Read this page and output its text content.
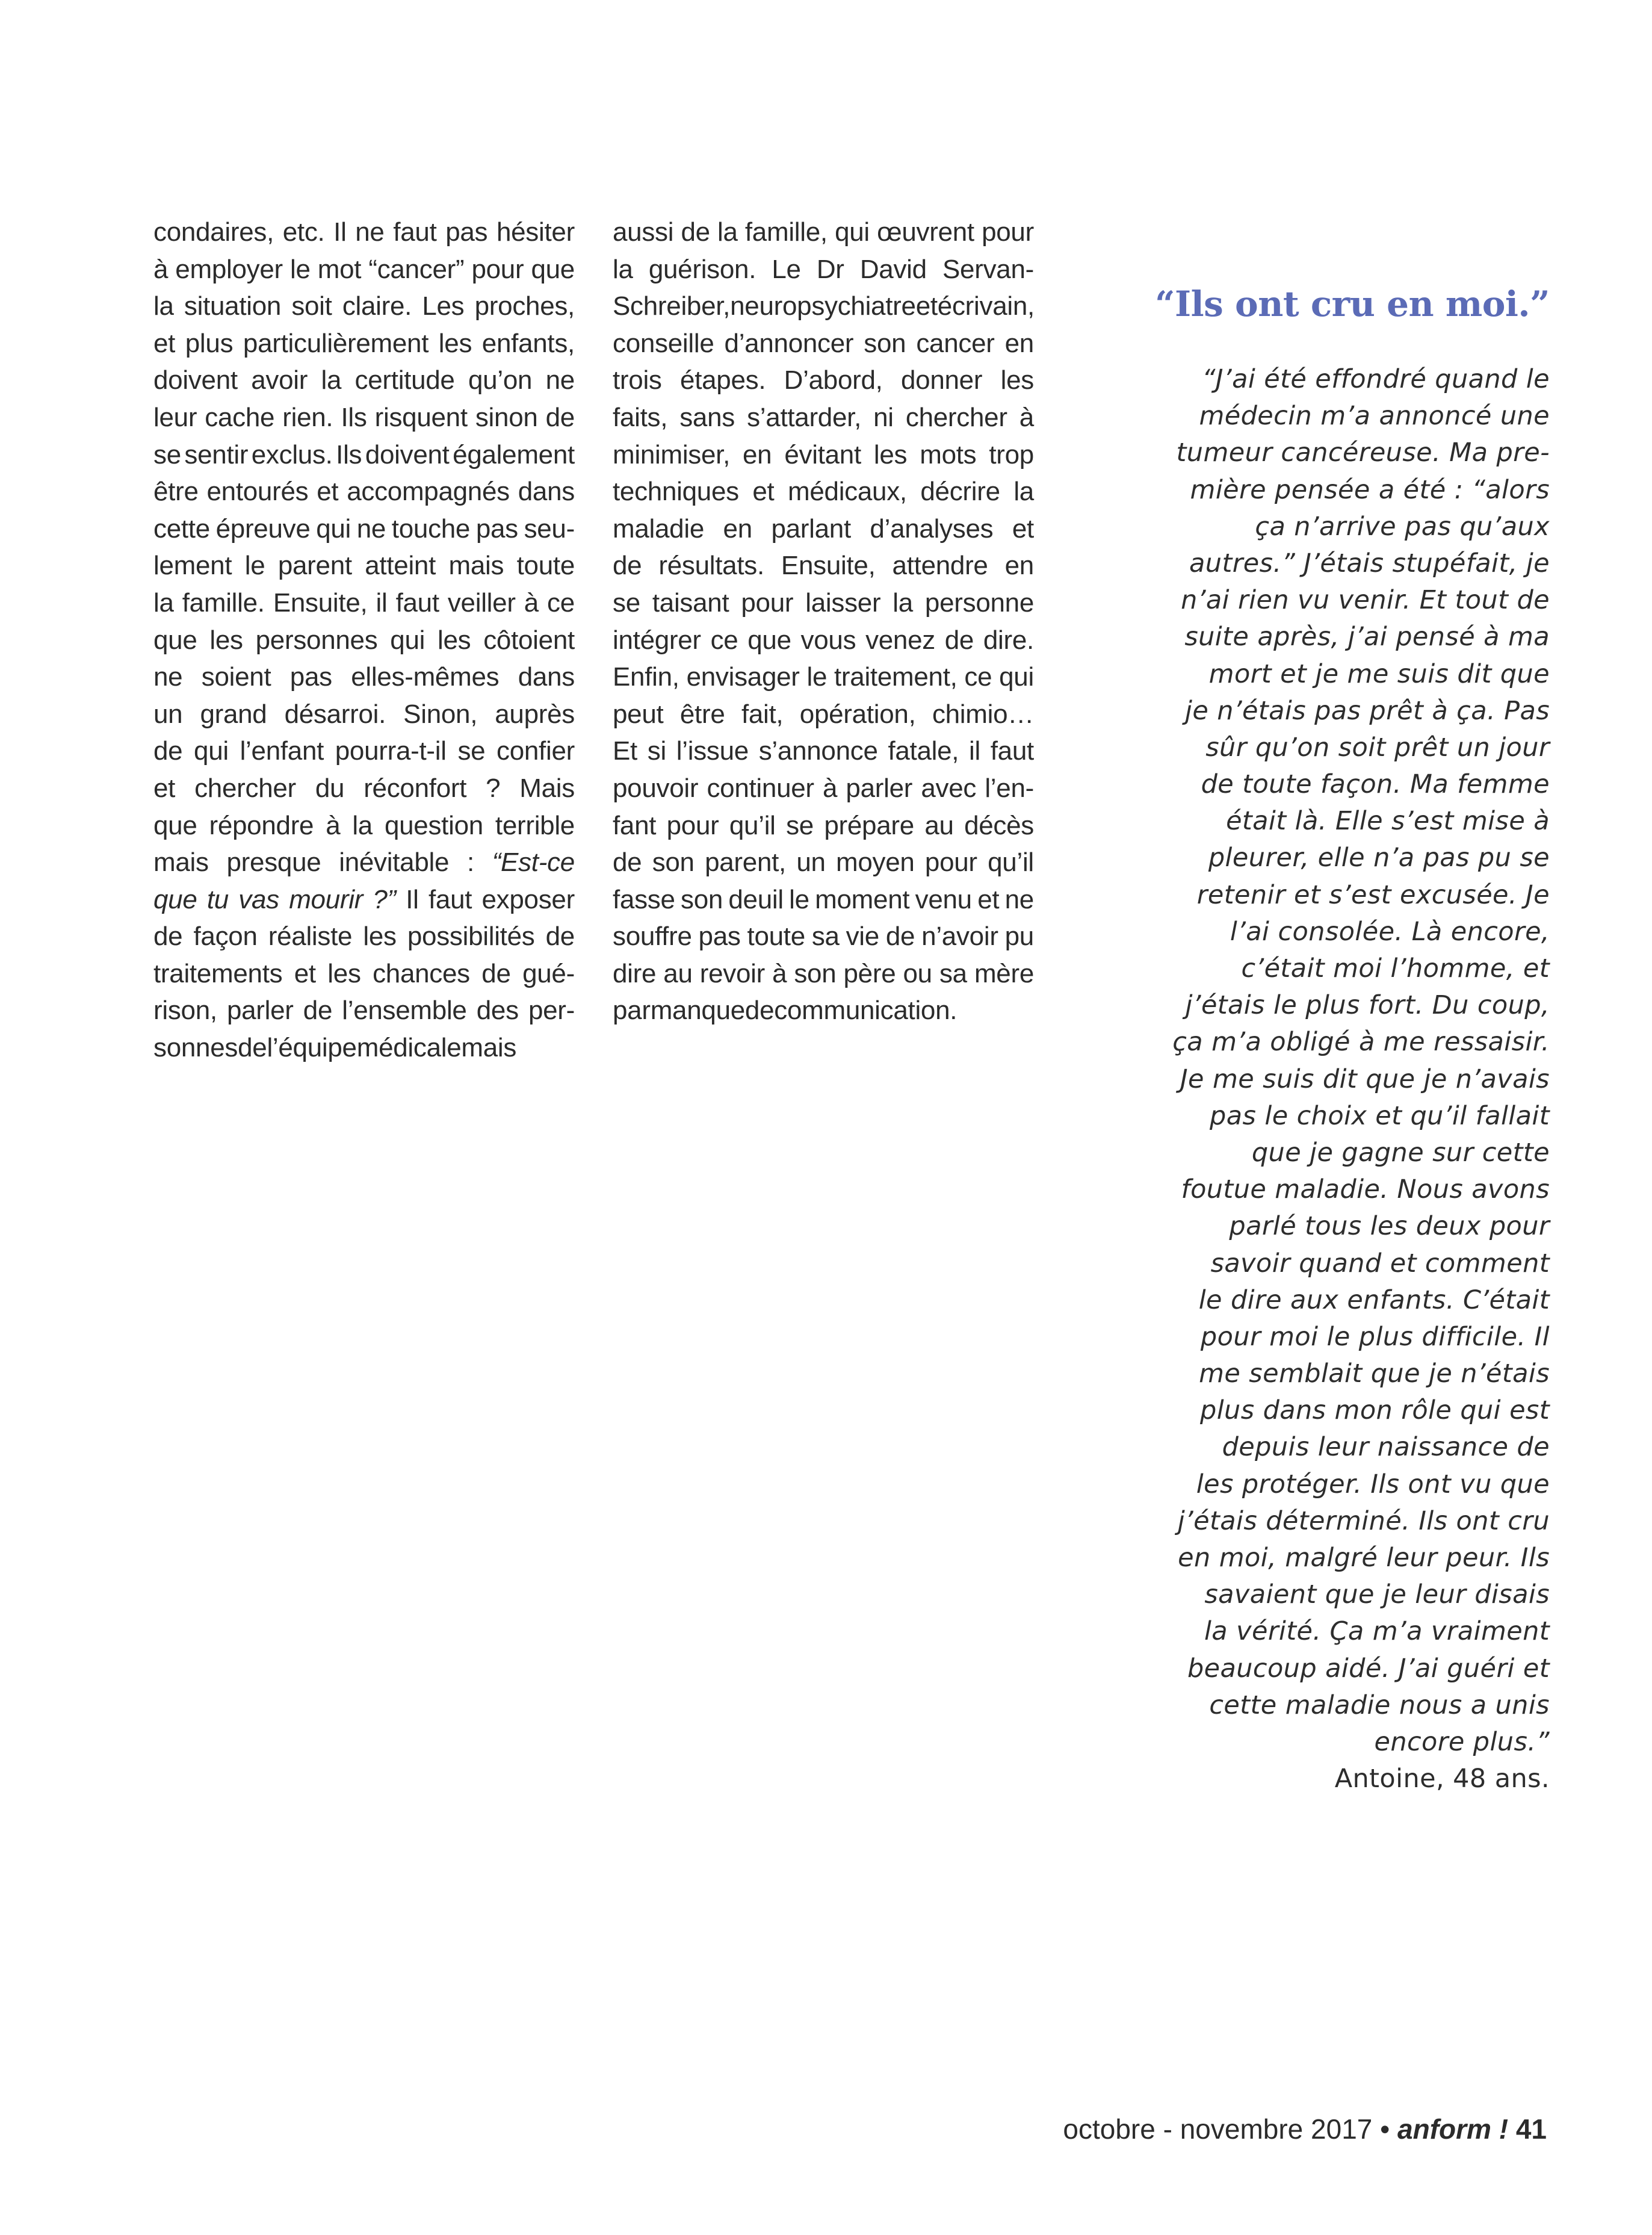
condaires, etc. Il ne faut pas hésiter
à employer le mot “cancer” pour que
la situation soit claire. Les proches,
et plus particulièrement les enfants,
doivent avoir la certitude qu’on ne
leur cache rien. Ils risquent sinon de
se sentir exclus. Ils doivent également
être entourés et accompagnés dans
cette épreuve qui ne touche pas seu-
lement le parent atteint mais toute
la famille. Ensuite, il faut veiller à ce
que les personnes qui les côtoient
ne soient pas elles-mêmes dans
un grand désarroi. Sinon, auprès
de qui l’enfant pourra-t-il se confier
et chercher du réconfort ? Mais
que répondre à la question terrible
mais presque inévitable : “Est-ce
que tu vas mourir ?” Il faut exposer
de façon réaliste les possibilités de
traitements et les chances de gué-
rison, parler de l’ensemble des per-
sonnes de l’équipe médicale mais
aussi de la famille, qui œuvrent pour
la guérison. Le Dr David Servan-
Schreiber, neuropsychiatre et écrivain,
conseille d’annoncer son cancer en
trois étapes. D’abord, donner les
faits, sans s’attarder, ni chercher à
minimiser, en évitant les mots trop
techniques et médicaux, décrire la
maladie en parlant d’analyses et
de résultats. Ensuite, attendre en
se taisant pour laisser la personne
intégrer ce que vous venez de dire.
Enfin, envisager le traitement, ce qui
peut être fait, opération, chimio…
Et si l’issue s’annonce fatale, il faut
pouvoir continuer à parler avec l’en-
fant pour qu’il se prépare au décès
de son parent, un moyen pour qu’il
fasse son deuil le moment venu et ne
souffre pas toute sa vie de n’avoir pu
dire au revoir à son père ou sa mère
par manque de communication.
“Ils ont cru en moi.”
“J’ai été effondré quand le
médecin m’a annoncé une
tumeur cancéreuse. Ma pre-
mière pensée a été : “alors
ça n’arrive pas qu’aux
autres.” J’étais stupéfait, je
n’ai rien vu venir. Et tout de
suite après, j’ai pensé à ma
mort et je me suis dit que
je n’étais pas prêt à ça. Pas
sûr qu’on soit prêt un jour
de toute façon. Ma femme
était là. Elle s’est mise à
pleurer, elle n’a pas pu se
retenir et s’est excusée. Je
l’ai consolée. Là encore,
c’était moi l’homme, et
j’étais le plus fort. Du coup,
ça m’a obligé à me ressaisir.
Je me suis dit que je n’avais
pas le choix et qu’il fallait
que je gagne sur cette
foutue maladie. Nous avons
parlé tous les deux pour
savoir quand et comment
le dire aux enfants. C’était
pour moi le plus difficile. Il
me semblait que je n’étais
plus dans mon rôle qui est
depuis leur naissance de
les protéger. Ils ont vu que
j’étais déterminé. Ils ont cru
en moi, malgré leur peur. Ils
savaient que je leur disais
la vérité. Ça m’a vraiment
beaucoup aidé. J’ai guéri et
cette maladie nous a unis
encore plus.”
Antoine, 48 ans.
octobre - novembre 2017 • anform ! 41
